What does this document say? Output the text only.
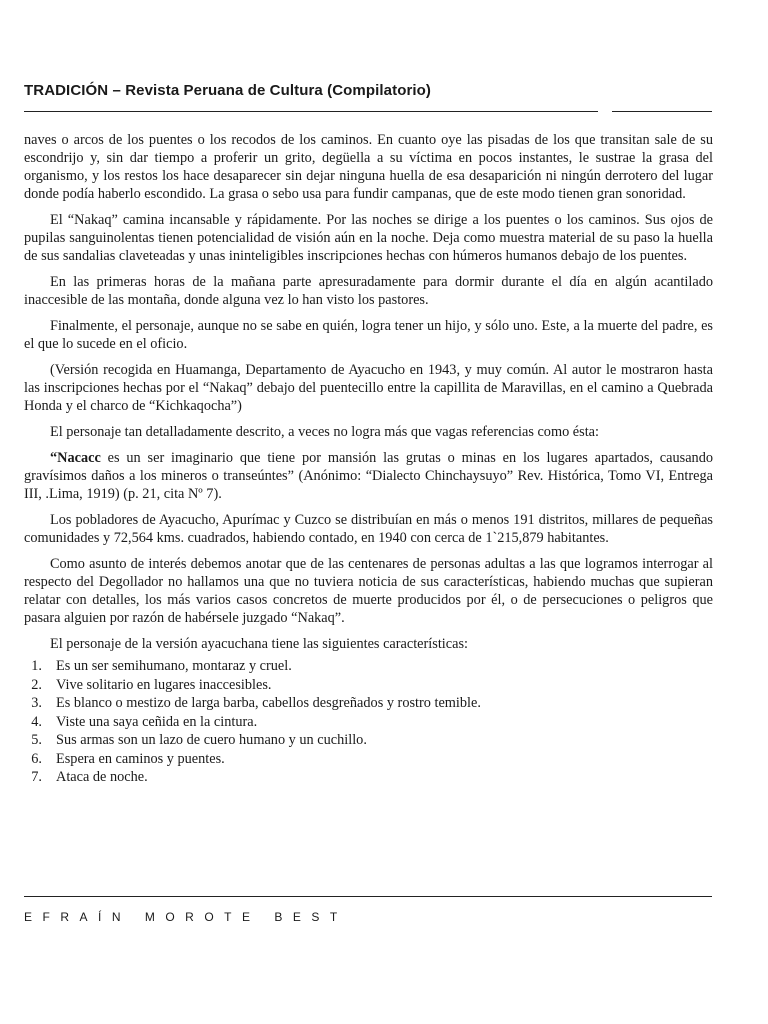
TRADICIÓN – Revista Peruana de Cultura (Compilatorio)

naves o arcos de los puentes o los recodos de los caminos. En cuanto oye las pisadas de los que transitan sale de su escondrijo y, sin dar tiempo a proferir un grito, degüella a su víctima en pocos instantes, le sustrae la grasa del organismo, y los restos los hace desaparecer sin dejar ninguna huella de esa desaparición ni ningún derrotero del lugar donde podía haberlo escondido. La grasa o sebo usa para fundir campanas, que de este modo tienen gran sonoridad.

El “Nakaq” camina incansable y rápidamente. Por las noches se dirige a los puentes o los caminos. Sus ojos de pupilas sanguinolentas tienen potencialidad de visión aún en la noche. Deja como muestra material de su paso la huella de sus sandalias claveteadas y unas ininteligibles inscripciones hechas con húmeros humanos debajo de los puentes.

En las primeras horas de la mañana parte apresuradamente para dormir durante el día en algún acantilado inaccesible de las montaña, donde alguna vez lo han visto los pastores.

Finalmente, el personaje, aunque no se sabe en quién, logra tener un hijo, y sólo uno. Este, a la muerte del padre, es el que lo sucede en el oficio.

(Versión recogida en Huamanga, Departamento de Ayacucho en 1943, y muy común. Al autor le mostraron hasta las inscripciones hechas por el “Nakaq” debajo del puentecillo entre la capillita de Maravillas, en el camino a Quebrada Honda y el charco de “Kichkaqocha”)

El personaje tan detalladamente descrito, a veces no logra más que vagas referencias como ésta:

“Nacacc es un ser imaginario que tiene por mansión las grutas o minas en los lugares apartados, causando gravísimos daños a los mineros o transeúntes” (Anónimo: “Dialecto Chinchaysuyo” Rev. Histórica, Tomo VI, Entrega III, .Lima, 1919) (p. 21, cita Nº 7).

Los pobladores de Ayacucho, Apurímac y Cuzco se distribuían en más o menos 191 distritos, millares de pequeñas comunidades y 72,564 kms. cuadrados, habiendo contado, en 1940 con cerca de 1`215,879 habitantes.

Como asunto de interés debemos anotar que de las centenares de personas adultas a las que logramos interrogar al respecto del Degollador no hallamos una que no tuviera noticia de sus características, habiendo muchas que supieran relatar con detalles, los más varios casos concretos de muerte producidos por él, o de persecuciones o peligros que pasara alguien por razón de habérsele juzgado “Nakaq”.

El personaje de la versión ayacuchana tiene las siguientes características:

1. Es un ser semihumano, montaraz y cruel.
2. Vive solitario en lugares inaccesibles.
3. Es blanco o mestizo de larga barba, cabellos desgreñados y rostro temible.
4. Viste una saya ceñida en la cintura.
5. Sus armas son un lazo de cuero humano y un cuchillo.
6. Espera en caminos y puentes.
7. Ataca de noche.
EFRAÍN MOROTE BEST
